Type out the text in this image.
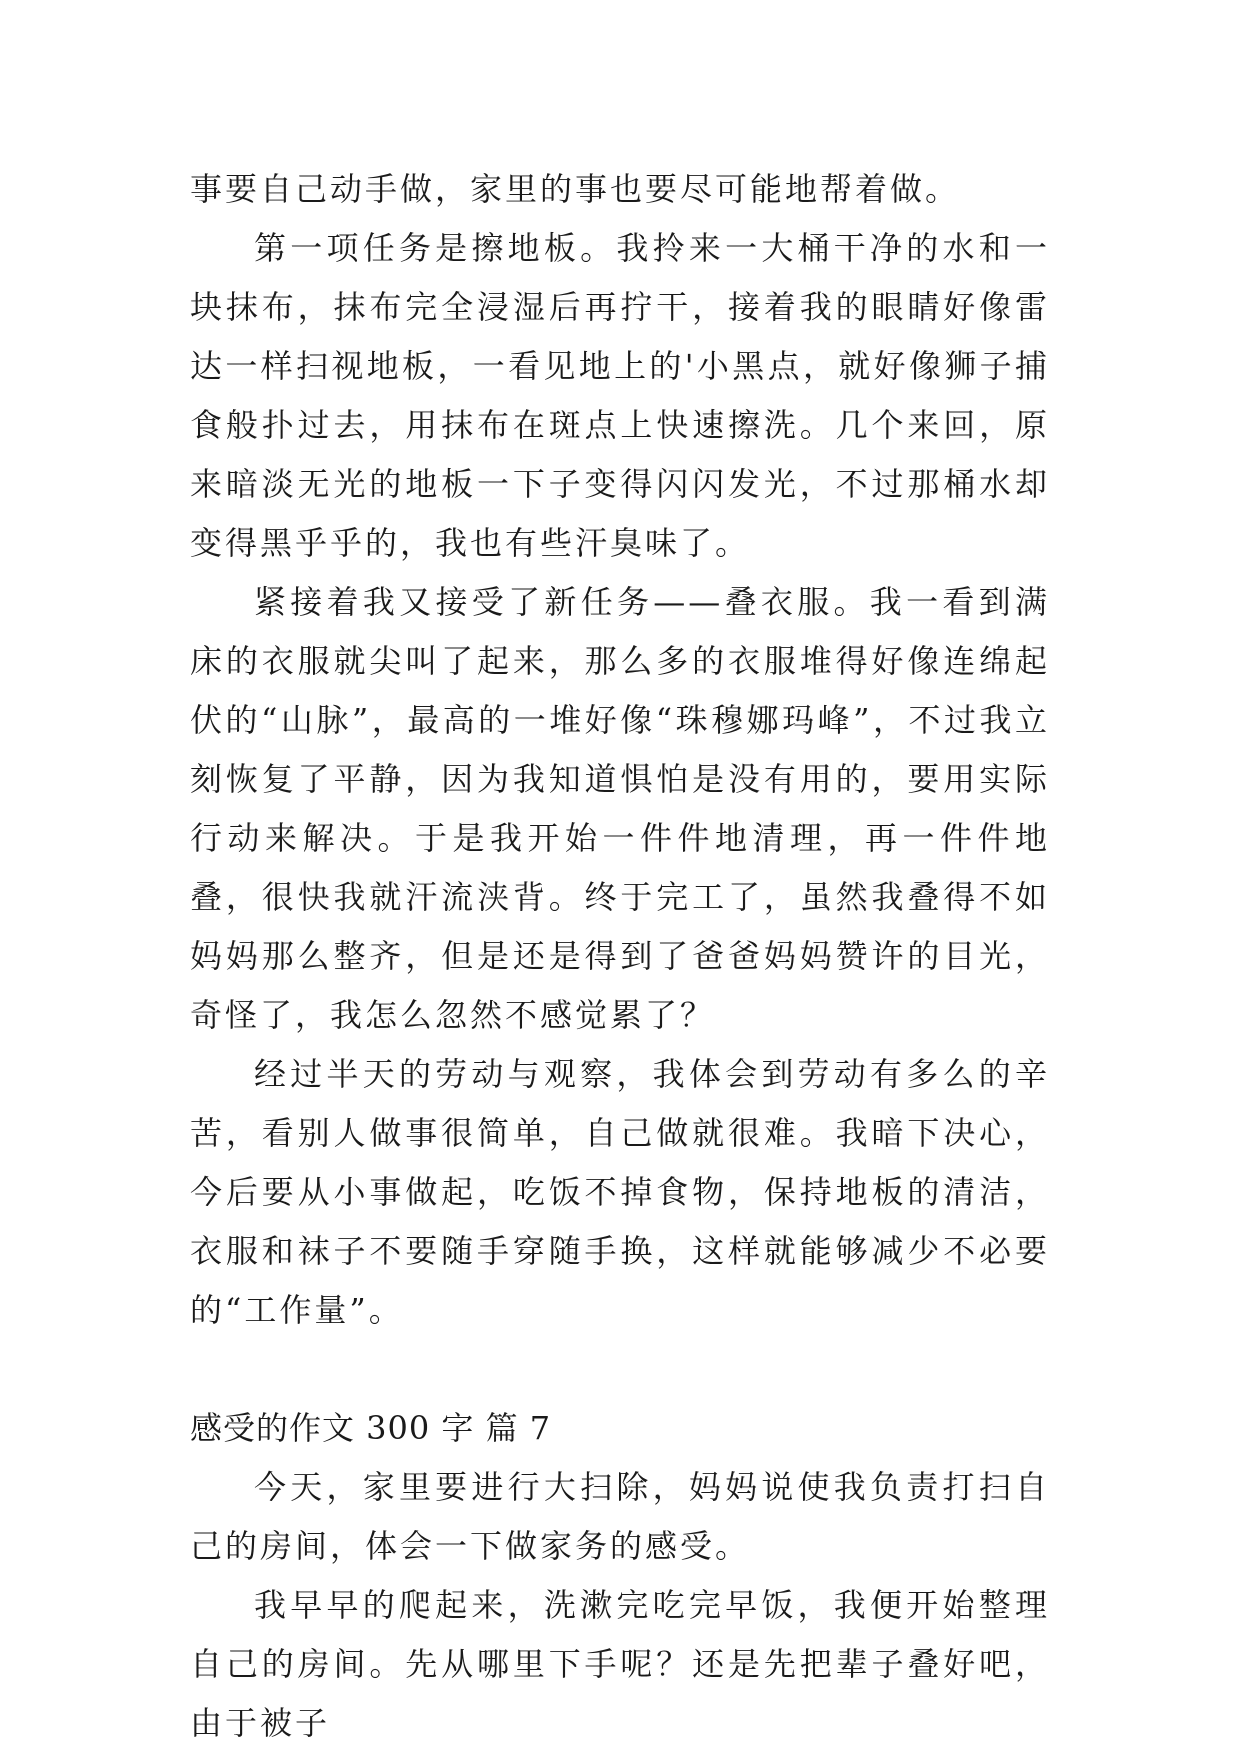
事要自己动手做，家里的事也要尽可能地帮着做。

第一项任务是擦地板。我拎来一大桶干净的水和一块抹布，抹布完全浸湿后再拧干，接着我的眼睛好像雷达一样扫视地板，一看见地上的'小黑点，就好像狮子捕食般扑过去，用抹布在斑点上快速擦洗。几个来回，原来暗淡无光的地板一下子变得闪闪发光，不过那桶水却变得黑乎乎的，我也有些汗臭味了。

紧接着我又接受了新任务——叠衣服。我一看到满床的衣服就尖叫了起来，那么多的衣服堆得好像连绵起伏的“山脉”，最高的一堆好像“珠穆娜玛峰”，不过我立刻恢复了平静，因为我知道惧怕是没有用的，要用实际行动来解决。于是我开始一件件地清理，再一件件地叠，很快我就汗流浃背。终于完工了，虽然我叠得不如妈妈那么整齐，但是还是得到了爸爸妈妈赞许的目光，奇怪了，我怎么忽然不感觉累了？

经过半天的劳动与观察，我体会到劳动有多么的辛苦，看别人做事很简单，自己做就很难。我暗下决心，今后要从小事做起，吃饭不掉食物，保持地板的清洁，衣服和袜子不要随手穿随手换，这样就能够减少不必要的“工作量”。

感受的作文 300 字 篇 7

今天，家里要进行大扫除，妈妈说使我负责打扫自己的房间，体会一下做家务的感受。

我早早的爬起来，洗漱完吃完早饭，我便开始整理自己的房间。先从哪里下手呢？还是先把辈子叠好吧，由于被子
